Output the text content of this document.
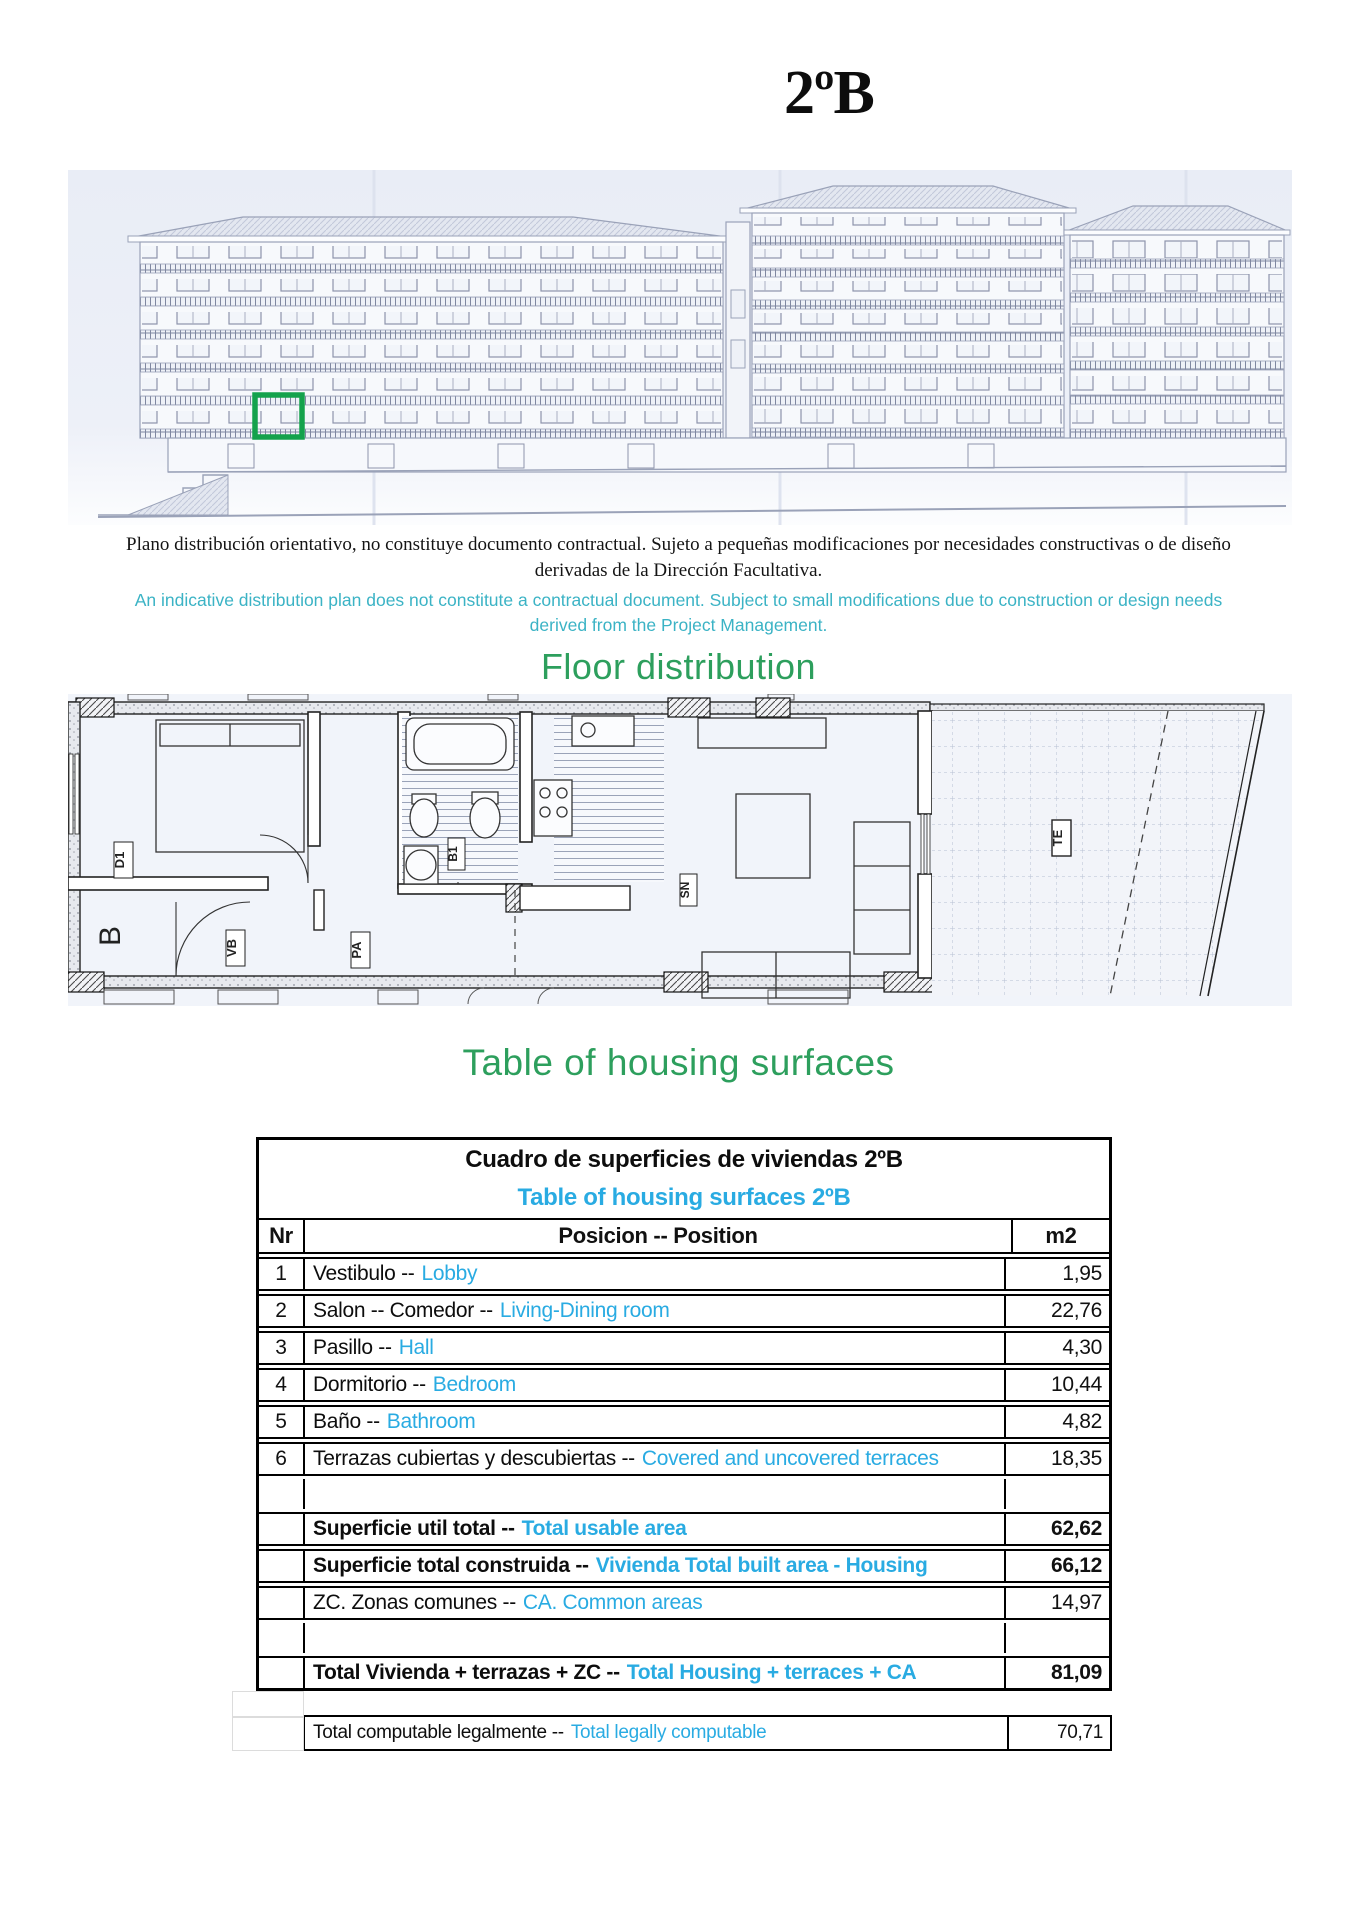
2ºB
Plano distribución orientativo, no constituye documento contractual. Sujeto a pequeñas modificaciones por necesidades constructivas o de diseño
derivadas de la Dirección Facultativa.
An indicative distribution plan does not constitute a contractual document. Subject to small modifications due to construction or design needs
derived from the Project Management.
Floor distribution
B
D1
VB	PA
B1
SN
TE
Table of housing surfaces
Cuadro de superficies de viviendas 2ºB
Table of housing surfaces 2ºB
Nr	Posicion -- Position	m2
1	Vestibulo -- Lobby	1,95
2	Salon -- Comedor -- Living-Dining room	22,76
3	Pasillo -- Hall	4,30
4	Dormitorio -- Bedroom	10,44
5	Baño -- Bathroom	4,82
6	Terrazas cubiertas y descubiertas -- Covered and uncovered terraces	18,35
Superficie util total -- Total usable area	62,62
Superficie total construida -- Vivienda Total built area - Housing	66,12
ZC. Zonas comunes -- CA. Common areas	14,97
Total Vivienda + terrazas + ZC -- Total Housing + terraces + CA	81,09
Total computable legalmente -- Total legally computable	70,71
